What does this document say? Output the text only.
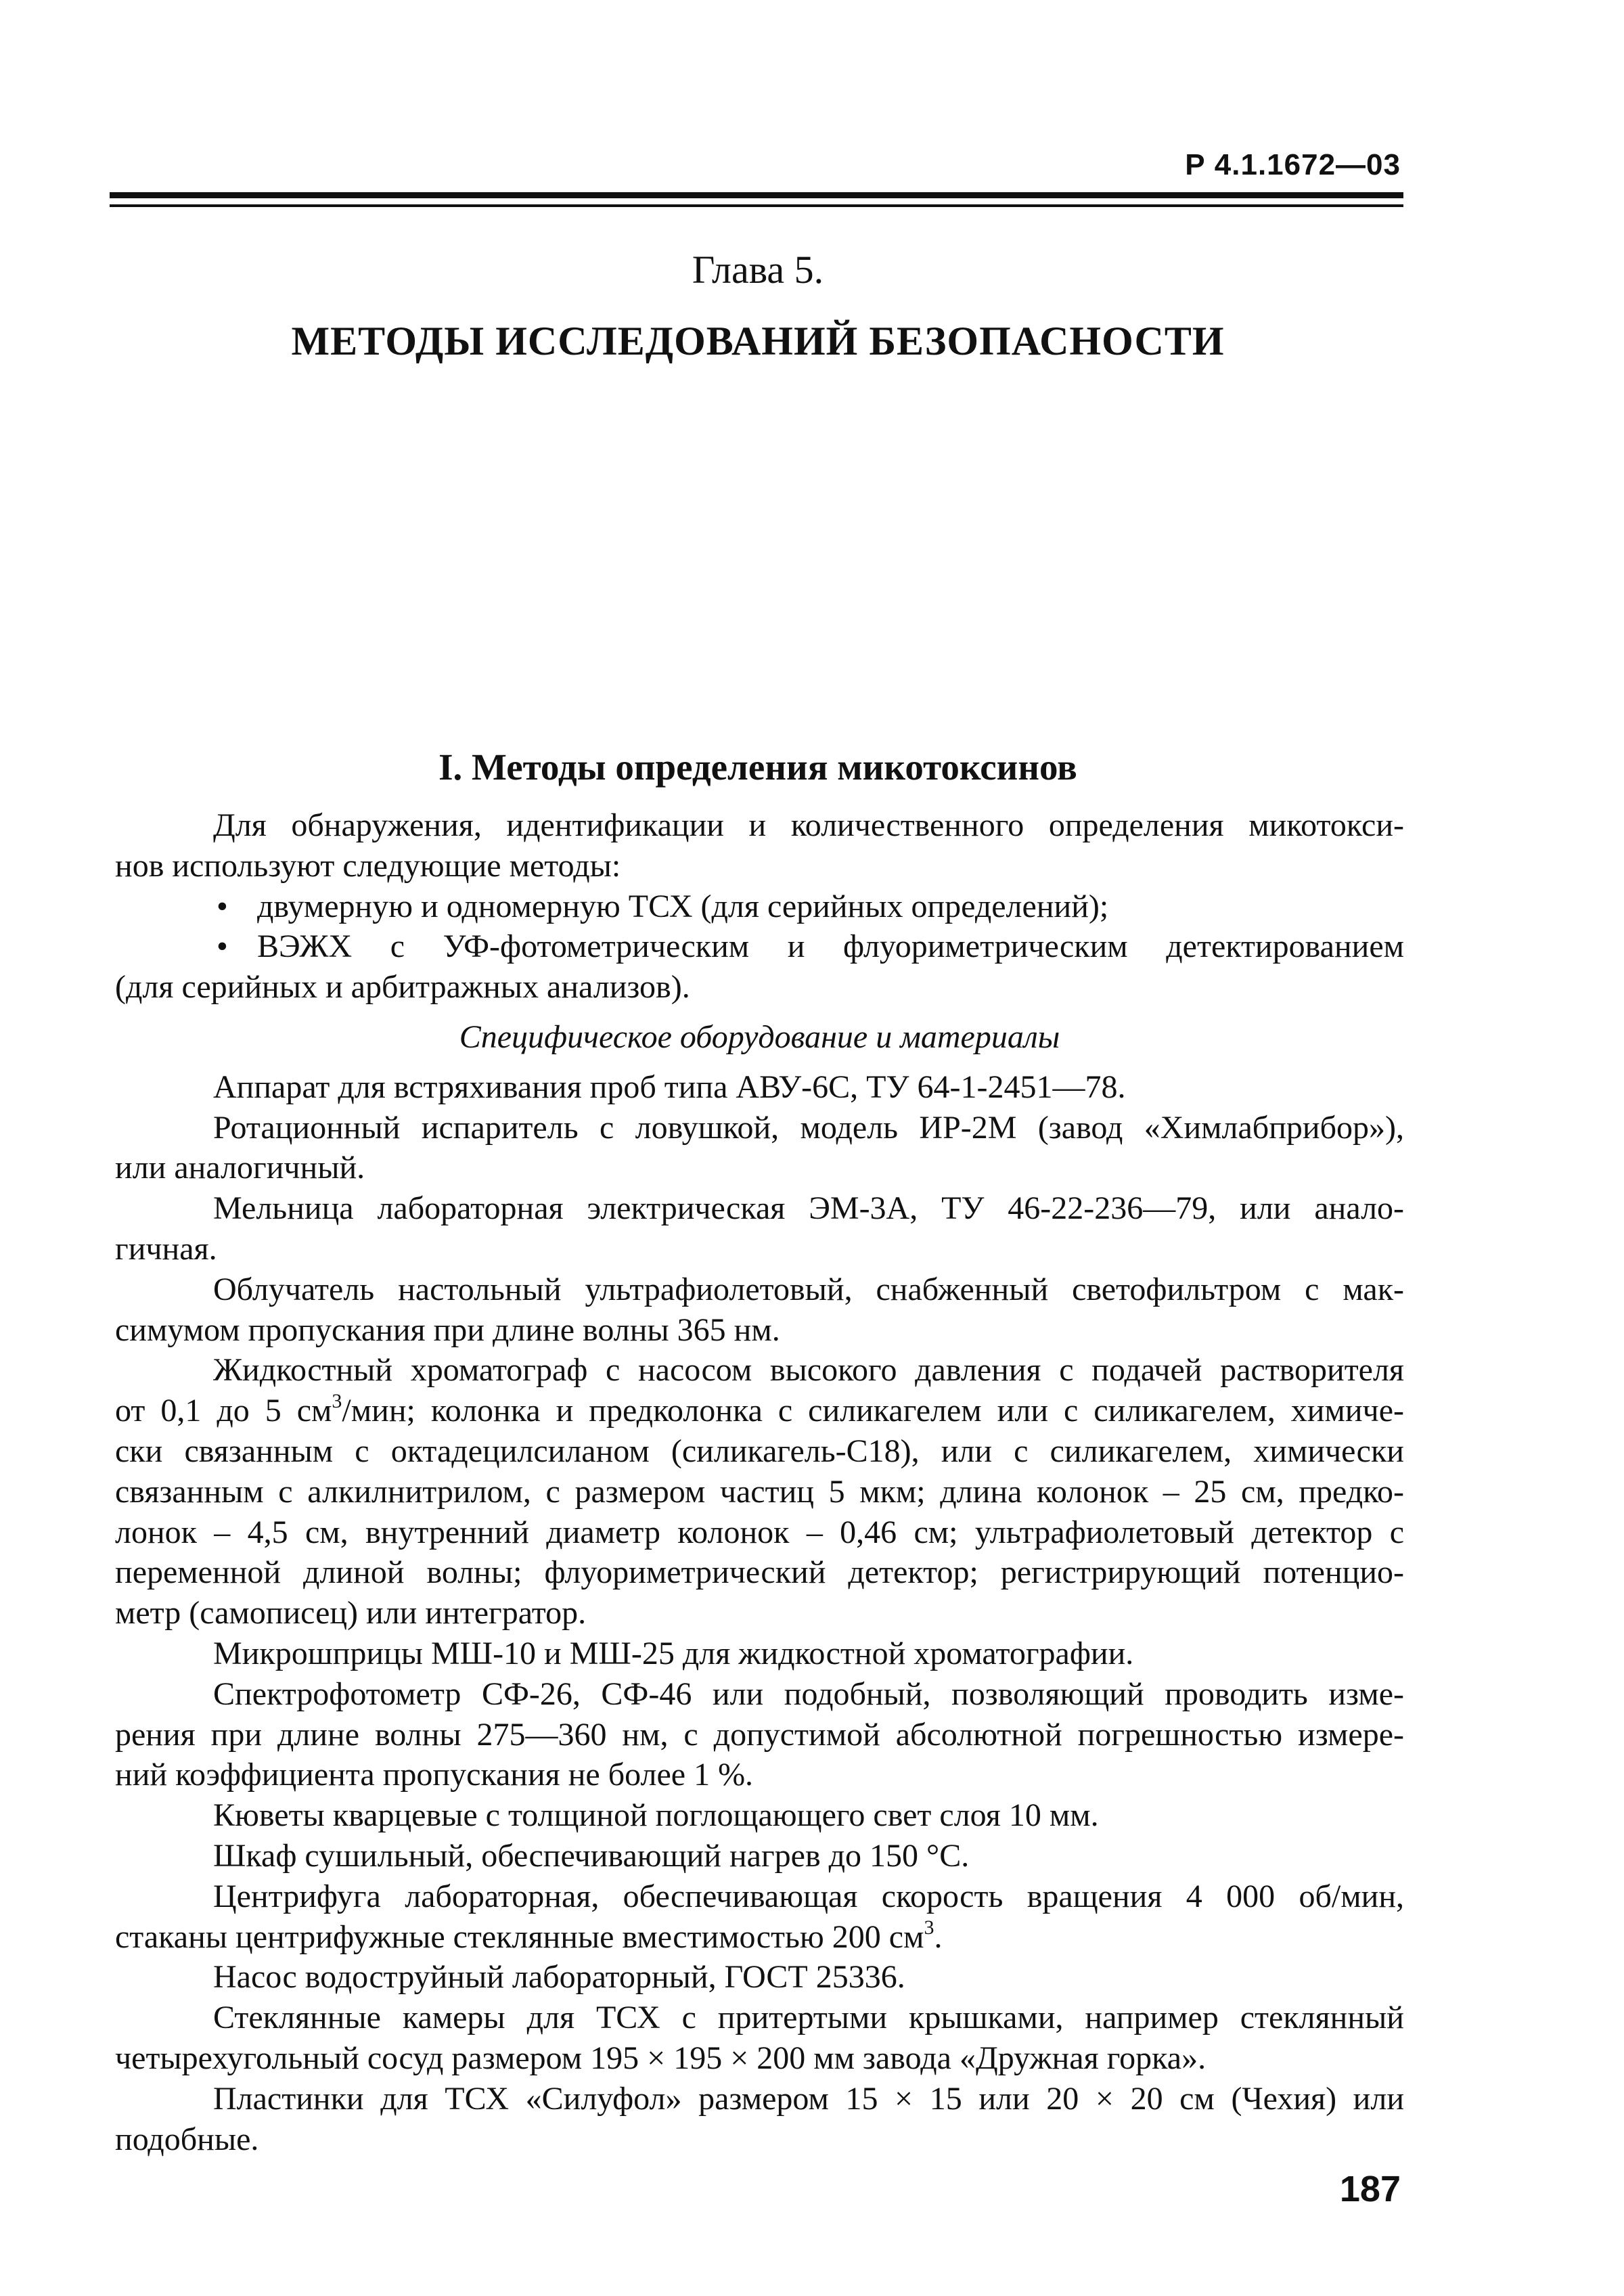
Р 4.1.1672—03
Глава 5.
МЕТОДЫ ИССЛЕДОВАНИЙ БЕЗОПАСНОСТИ
I. Методы определения микотоксинов
Для обнаружения, идентификации и количественного определения микотокси-
нов используют следующие методы:
• двумерную и одномерную ТСХ (для серийных определений);
• ВЭЖХ с УФ-фотометрическим и флуориметрическим детектированием
(для серийных и арбитражных анализов).
Специфическое оборудование и материалы
Аппарат для встряхивания проб типа АВУ-6С, ТУ 64-1-2451—78.
Ротационный испаритель с ловушкой, модель ИР-2М (завод «Химлабприбор»),
или аналогичный.
Мельница лабораторная электрическая ЭМ-3А, ТУ 46-22-236—79, или анало-
гичная.
Облучатель настольный ультрафиолетовый, снабженный светофильтром с мак-
симумом пропускания при длине волны 365 нм.
Жидкостный хроматограф с насосом высокого давления с подачей растворителя
от 0,1 до 5 $см^3$/мин; колонка и предколонка с силикагелем или с силикагелем, химиче-
ски связанным с октадецилсиланом (силикагель-С18), или с силикагелем, химически
связанным с алкилнитрилом, с размером частиц 5 мкм; длина колонок – 25 см, предко-
лонок – 4,5 см, внутренний диаметр колонок – 0,46 см; ультрафиолетовый детектор с
переменной длиной волны; флуориметрический детектор; регистрирующий потенцио-
метр (самописец) или интегратор.
Микрошприцы МШ-10 и МШ-25 для жидкостной хроматографии.
Спектрофотометр СФ-26, СФ-46 или подобный, позволяющий проводить изме-
рения при длине волны 275—360 нм, с допустимой абсолютной погрешностью измере-
ний коэффициента пропускания не более 1 %.
Кюветы кварцевые с толщиной поглощающего свет слоя 10 мм.
Шкаф сушильный, обеспечивающий нагрев до 150 °С.
Центрифуга лабораторная, обеспечивающая скорость вращения 4 000 об/мин,
стаканы центрифужные стеклянные вместимостью 200 $см^3$.
Насос водоструйный лабораторный, ГОСТ 25336.
Стеклянные камеры для ТСХ с притертыми крышками, например стеклянный
четырехугольный сосуд размером 195 × 195 × 200 мм завода «Дружная горка».
Пластинки для ТСХ «Силуфол» размером 15 × 15 или 20 × 20 см (Чехия) или
подобные.
187
